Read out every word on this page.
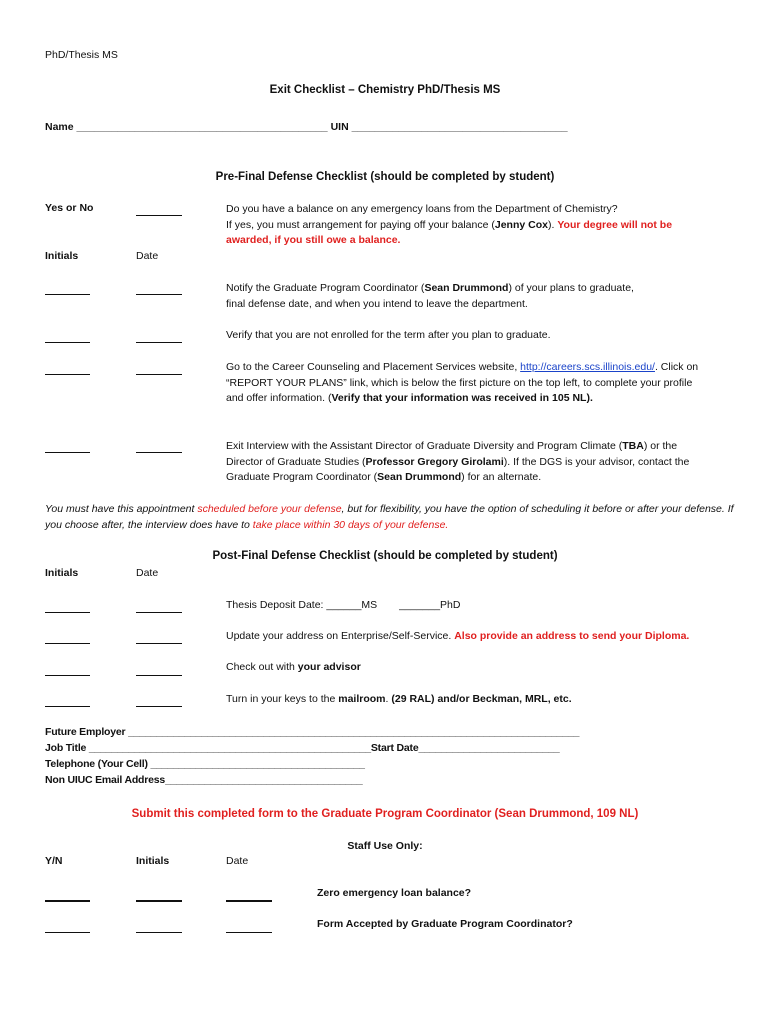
PhD/Thesis MS
Exit Checklist – Chemistry PhD/Thesis MS
Name ___________________________________________ UIN _____________________________________
Pre-Final Defense Checklist (should be completed by student)
Yes or No	Do you have a balance on any emergency loans from the Department of Chemistry?
If yes, you must arrangement for paying off your balance (Jenny Cox). Your degree will not be
awarded, if you still owe a balance.
Initials	Date
Notify the Graduate Program Coordinator (Sean Drummond) of your plans to graduate, final defense date, and when you intend to leave the department.
Verify that you are not enrolled for the term after you plan to graduate.
Go to the Career Counseling and Placement Services website, http://careers.scs.illinois.edu/. Click on “REPORT YOUR PLANS” link, which is below the first picture on the top left, to complete your profile and offer information. (Verify that your information was received in 105 NL).
Exit Interview with the Assistant Director of Graduate Diversity and Program Climate (TBA) or the Director of Graduate Studies (Professor Gregory Girolami). If the DGS is your advisor, contact the Graduate Program Coordinator (Sean Drummond) for an alternate.
You must have this appointment scheduled before your defense, but for flexibility, you have the option of scheduling it before or after your defense. If you choose after, the interview does have to take place within 30 days of your defense.
Post-Final Defense Checklist (should be completed by student)
Initials	Date
Thesis Deposit Date: ______MS _______PhD
Update your address on Enterprise/Self-Service. Also provide an address to send your Diploma.
Check out with your advisor
Turn in your keys to the mailroom. (29 RAL) and/or Beckman, MRL, etc.
Future Employer ________________________________________________________________________________
Job Title __________________________________________________Start Date_________________________
Telephone (Your Cell) ______________________________________
Non UIUC Email Address___________________________________
Submit this completed form to the Graduate Program Coordinator (Sean Drummond, 109 NL)
Staff Use Only:
Y/N	Initials	Date
Zero emergency loan balance?
Form Accepted by Graduate Program Coordinator?
